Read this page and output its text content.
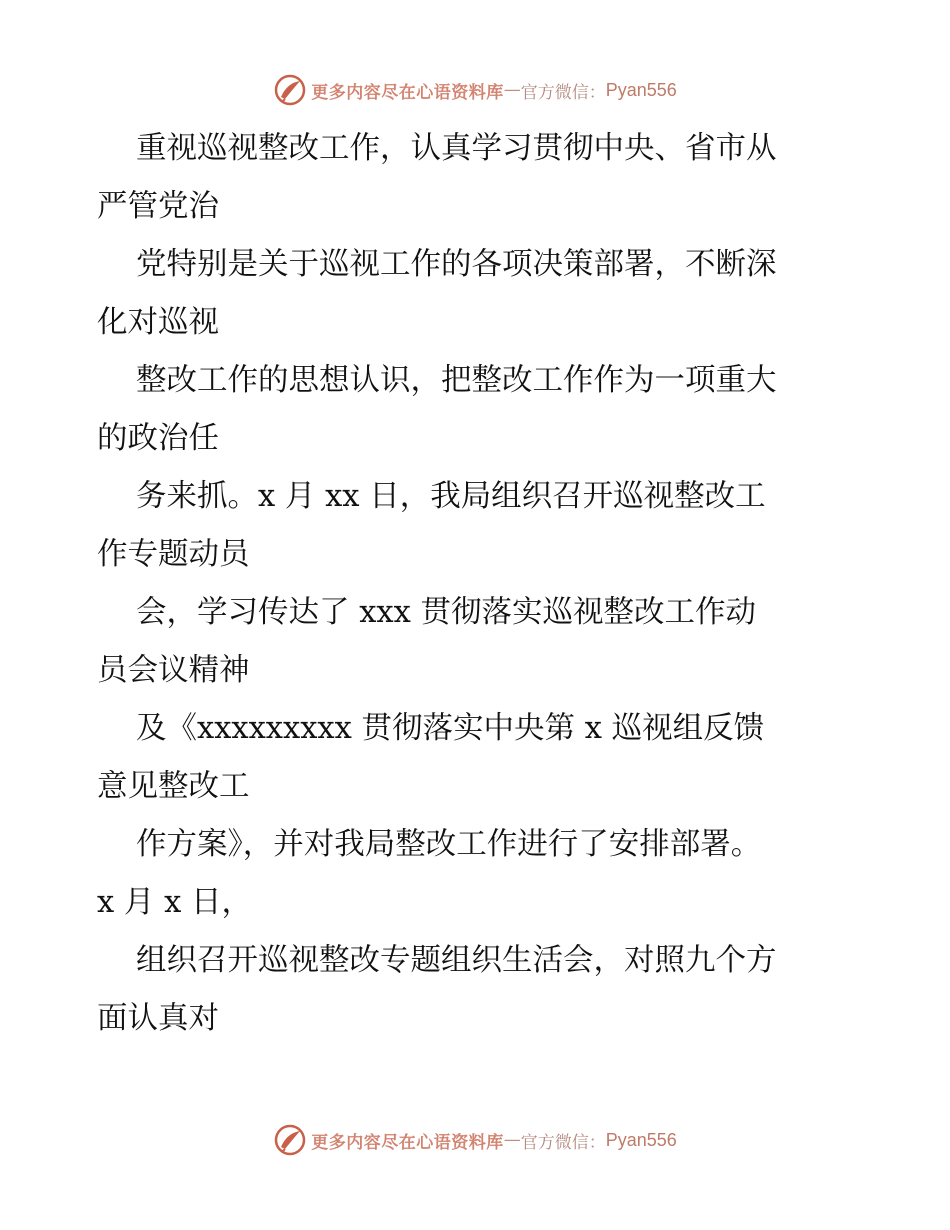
更多内容尽在心语资料库 — 官方微信： Pyan556
重视巡视整改工作，认真学习贯彻中央、省市从
严管党治
党特别是关于巡视工作的各项决策部署，不断深
化对巡视
整改工作的思想认识，把整改工作作为一项重大
的政治任
务来抓。x 月 xx 日，我局组织召开巡视整改工
作专题动员
会，学习传达了 xxx 贯彻落实巡视整改工作动
员会议精神
及《xxxxxxxxx 贯彻落实中央第 x 巡视组反馈
意见整改工
作方案》，并对我局整改工作进行了安排部署。
x 月 x 日，
组织召开巡视整改专题组织生活会，对照九个方
面认真对
更多内容尽在心语资料库 — 官方微信： Pyan556
